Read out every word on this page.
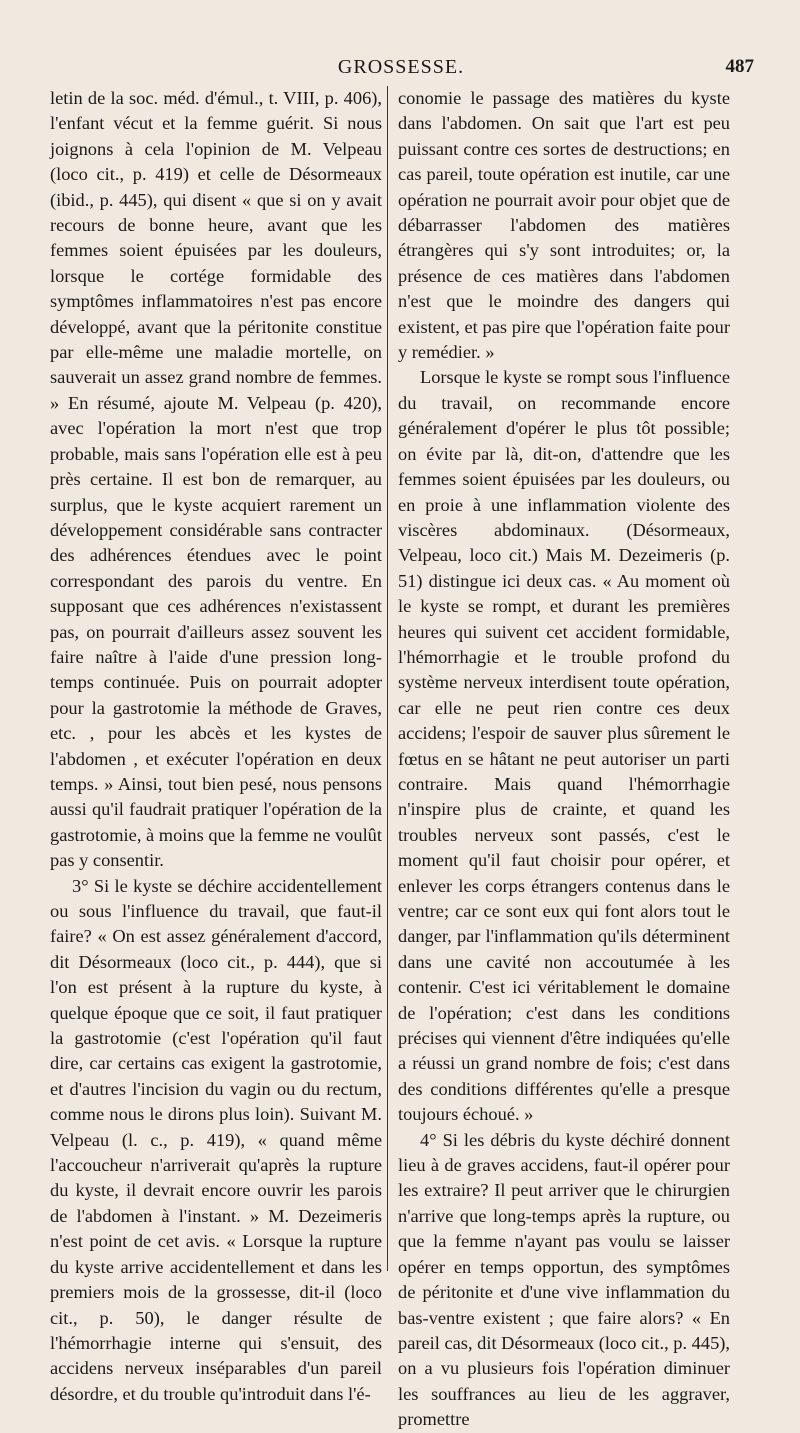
GROSSESSE.	487

letin de la soc. méd. d'émul., t. VIII, p. 406), l'enfant vécut et la femme guérit. Si nous joignons à cela l'opinion de M. Velpeau (loco cit., p. 419) et celle de Désormeaux (ibid., p. 445), qui disent « que si on y avait recours de bonne heure, avant que les femmes soient épuisées par les douleurs, lorsque le cortége formidable des symptômes inflammatoires n'est pas encore développé, avant que la péritonite constitue par elle-même une maladie mortelle, on sauverait un assez grand nombre de femmes. » En résumé, ajoute M. Velpeau (p. 420), avec l'opération la mort n'est que trop probable, mais sans l'opération elle est à peu près certaine. Il est bon de remarquer, au surplus, que le kyste acquiert rarement un développement considérable sans contracter des adhérences étendues avec le point correspondant des parois du ventre. En supposant que ces adhérences n'existassent pas, on pourrait d'ailleurs assez souvent les faire naître à l'aide d'une pression long-temps continuée. Puis on pourrait adopter pour la gastrotomie la méthode de Graves, etc. , pour les abcès et les kystes de l'abdomen , et exécuter l'opération en deux temps. » Ainsi, tout bien pesé, nous pensons aussi qu'il faudrait pratiquer l'opération de la gastrotomie, à moins que la femme ne voulût pas y consentir.

3° Si le kyste se déchire accidentellement ou sous l'influence du travail, que faut-il faire? « On est assez généralement d'accord, dit Désormeaux (loco cit., p. 444), que si l'on est présent à la rupture du kyste, à quelque époque que ce soit, il faut pratiquer la gastrotomie (c'est l'opération qu'il faut dire, car certains cas exigent la gastrotomie, et d'autres l'incision du vagin ou du rectum, comme nous le dirons plus loin). Suivant M. Velpeau (l. c., p. 419), « quand même l'accoucheur n'arriverait qu'après la rupture du kyste, il devrait encore ouvrir les parois de l'abdomen à l'instant. » M. Dezeimeris n'est point de cet avis. « Lorsque la rupture du kyste arrive accidentellement et dans les premiers mois de la grossesse, dit-il (loco cit., p. 50), le danger résulte de l'hémorrhagie interne qui s'ensuit, des accidens nerveux inséparables d'un pareil désordre, et du trouble qu'introduit dans l'é-

conomie le passage des matières du kyste dans l'abdomen. On sait que l'art est peu puissant contre ces sortes de destructions; en cas pareil, toute opération est inutile, car une opération ne pourrait avoir pour objet que de débarrasser l'abdomen des matières étrangères qui s'y sont introduites; or, la présence de ces matières dans l'abdomen n'est que le moindre des dangers qui existent, et pas pire que l'opération faite pour y remédier. »

Lorsque le kyste se rompt sous l'influence du travail, on recommande encore généralement d'opérer le plus tôt possible; on évite par là, dit-on, d'attendre que les femmes soient épuisées par les douleurs, ou en proie à une inflammation violente des viscères abdominaux. (Désormeaux, Velpeau, loco cit.) Mais M. Dezeimeris (p. 51) distingue ici deux cas. « Au moment où le kyste se rompt, et durant les premières heures qui suivent cet accident formidable, l'hémorrhagie et le trouble profond du système nerveux interdisent toute opération, car elle ne peut rien contre ces deux accidens; l'espoir de sauver plus sûrement le fœtus en se hâtant ne peut autoriser un parti contraire. Mais quand l'hémorrhagie n'inspire plus de crainte, et quand les troubles nerveux sont passés, c'est le moment qu'il faut choisir pour opérer, et enlever les corps étrangers contenus dans le ventre; car ce sont eux qui font alors tout le danger, par l'inflammation qu'ils déterminent dans une cavité non accoutumée à les contenir. C'est ici véritablement le domaine de l'opération; c'est dans les conditions précises qui viennent d'être indiquées qu'elle a réussi un grand nombre de fois; c'est dans des conditions différentes qu'elle a presque toujours échoué. »

4° Si les débris du kyste déchiré donnent lieu à de graves accidens, faut-il opérer pour les extraire? Il peut arriver que le chirurgien n'arrive que long-temps après la rupture, ou que la femme n'ayant pas voulu se laisser opérer en temps opportun, des symptômes de péritonite et d'une vive inflammation du bas-ventre existent ; que faire alors? « En pareil cas, dit Désormeaux (loco cit., p. 445), on a vu plusieurs fois l'opération diminuer les souffrances au lieu de les aggraver, promettre
